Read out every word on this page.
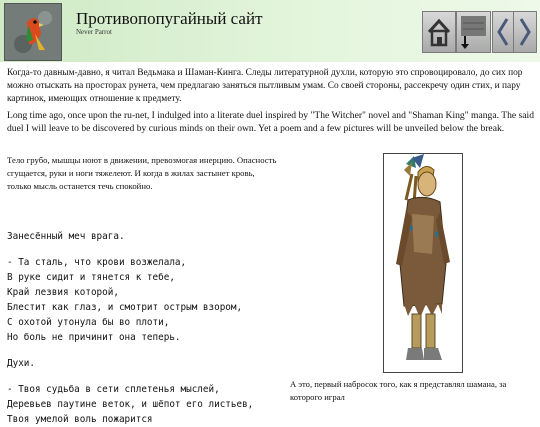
Противопопугайный сайт
Never Parrot

Когда-то давным-давно, я читал Ведьмака и Шаман-Кинга. Следы литературной духли, которую это спровоцировало, до сих пор можно отыскать на просторах рунета, чем предлагаю заняться пытливым умам. Со своей стороны, рассекречу один стих, и пару картинок, имеющих отношение к предмету.

Long time ago, once upon the ru-net, I indulged into a literate duel inspired by "The Witcher" novel and "Shaman King" manga. The said duel I will leave to be discovered by curious minds on their own. Yet a poem and a few pictures will be unveiled below the break.

Тело грубо, мышцы ноют в движении, превозмогая инерцию. Опасность сгущается, руки и ноги тяжелеют. И когда в жилах застынет кровь, только мысль останется течь спокойно.

Занесённый меч врага.
- Та сталь, что крови возжелала,
В руке сидит и тянется к тебе,
Край лезвия которой,
Блестит как глаз, и смотрит острым взором,
С охотой утонула бы во плоти,
Но боль не причинит она теперь.
Духи.
- Твоя судьба в сети сплетенья мыслей,
Деревьев паутине веток, и шёпот его листьев,
Твоя умелой воль пожарится

А это, первый набросок того, как я представлял шамана, за которого играл
